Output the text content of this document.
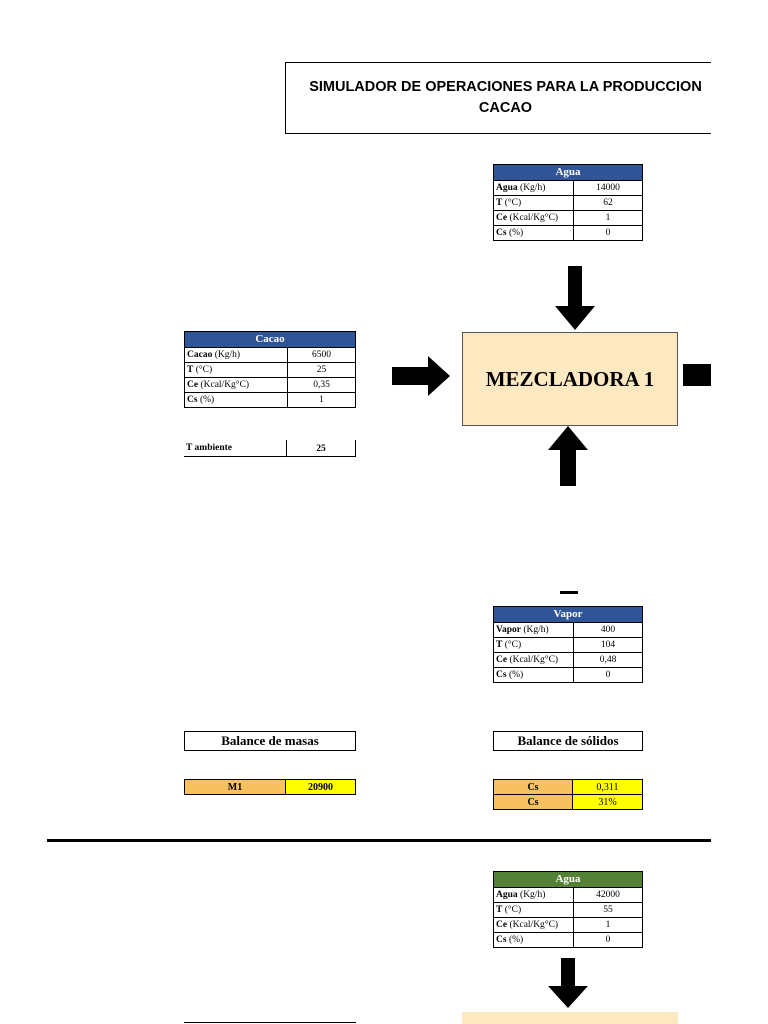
SIMULADOR DE OPERACIONES PARA LA PRODUCCION
CACAO
Agua	
Agua (Kg/h)	14000
T (°C)	62
Ce (Kcal/Kg°C)	1
Cs (%)	0
Cacao	
Cacao (Kg/h)	6500
T (°C)	25
Ce (Kcal/Kg°C)	0,35
Cs (%)	1
T ambiente	25
MEZCLADORA 1
Vapor	
Vapor (Kg/h)	400
T (°C)	104
Ce (Kcal/Kg°C)	0,48
Cs (%)	0
Balance de masas
M1	20900
Balance de sólidos
Cs	0,311
Cs	31%
Agua	
Agua (Kg/h)	42000
T (°C)	55
Ce (Kcal/Kg°C)	1
Cs (%)	0
